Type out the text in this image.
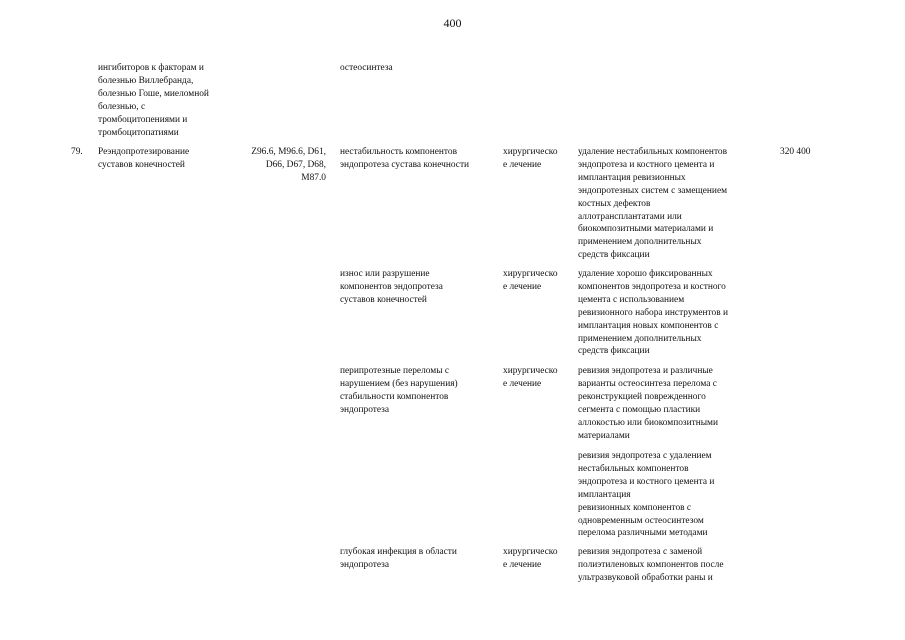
400
ингибиторов к факторам и
болезнью Виллебранда,
болезнью Гоше, миеломной
болезнью, с
тромбоцитопениями и
тромбоцитопатиями
остеосинтеза
79.	Реэндопротезирование
суставов конечностей
Z96.6, M96.6, D61,
D66, D67, D68,
M87.0
320 400
нестабильность компонентов
эндопротеза сустава конечности
хирургическо
е лечение
удаление нестабильных компонентов
эндопротеза и костного цемента и
имплантация ревизионных
эндопротезных систем с замещением
костных дефектов
аллотрансплантатами или
биокомпозитными материалами и
применением дополнительных
средств фиксации
износ или разрушение
компонентов эндопротеза
суставов конечностей
хирургическо
е лечение
удаление хорошо фиксированных
компонентов эндопротеза и костного
цемента с использованием
ревизионного набора инструментов и
имплантация новых компонентов с
применением дополнительных
средств фиксации
перипротезные переломы с
нарушением (без нарушения)
стабильности компонентов
эндопротеза
хирургическо
е лечение
ревизия эндопротеза и различные
варианты остеосинтеза перелома с
реконструкцией поврежденного
сегмента с помощью пластики
аллокостью или биокомпозитными
материалами
ревизия эндопротеза с удалением
нестабильных компонентов
эндопротеза и костного цемента и
имплантация
ревизионных компонентов с
одновременным остеосинтезом
перелома различными методами
глубокая инфекция в области
эндопротеза
хирургическо
е лечение
ревизия эндопротеза с заменой
полиэтиленовых компонентов после
ультразвуковой обработки раны и
